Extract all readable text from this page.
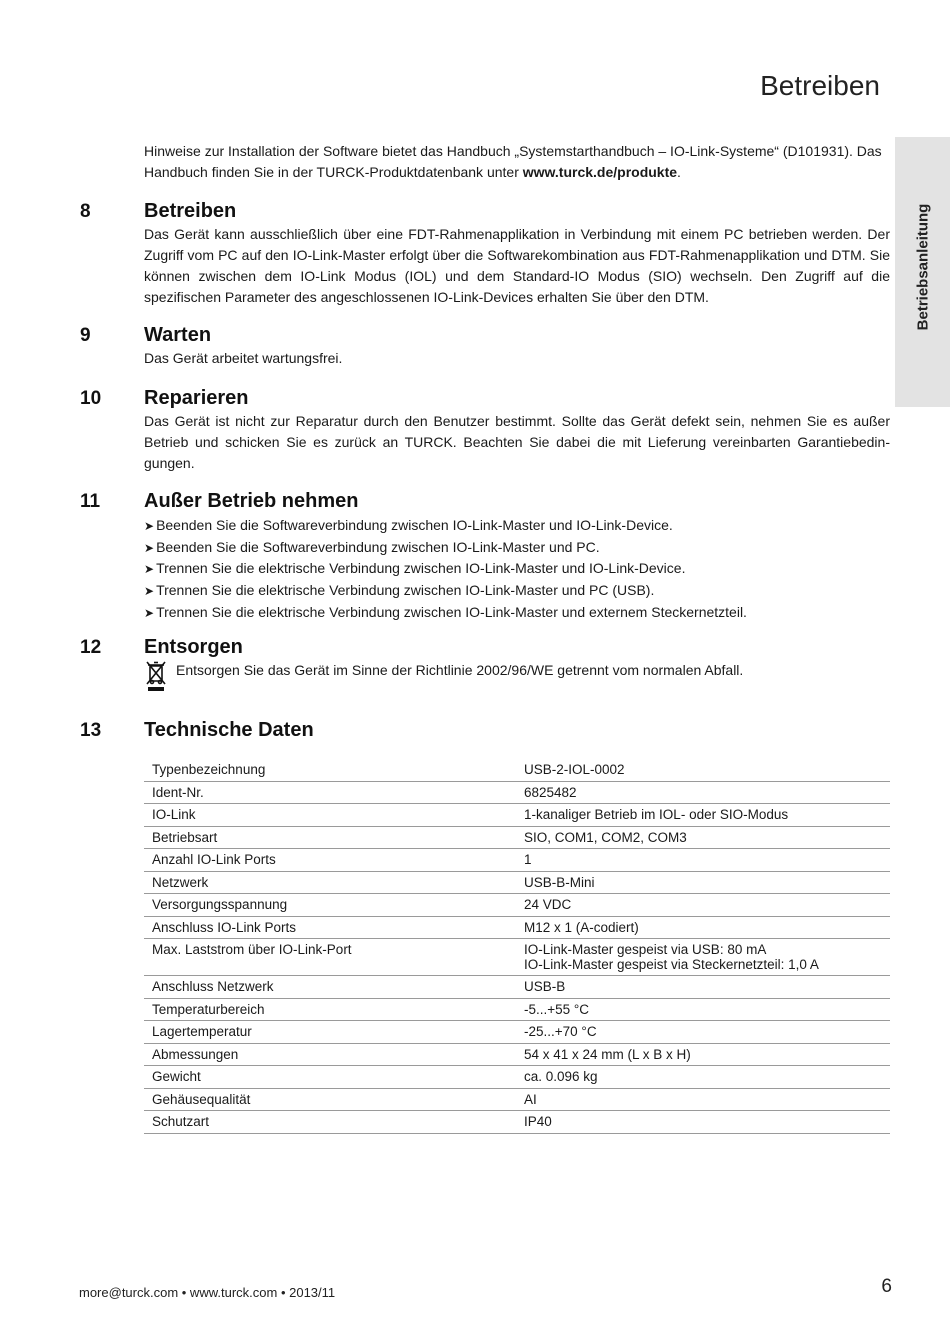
Betreiben
Betriebsanleitung
Hinweise zur Installation der Software bietet das Handbuch „Systemstarthandbuch – IO-Link-Systeme“ (D101931). Das Handbuch finden Sie in der TURCK-Produktdatenbank unter www.turck.de/produkte.
8	Betreiben
Das Gerät kann ausschließlich über eine FDT-Rahmenapplikation in Verbindung mit einem PC betrieben werden. Der Zugriff vom PC auf den IO-Link-Master erfolgt über die Softwarekombination aus FDT-Rahmenapplikation und DTM. Sie können zwischen dem IO-Link Modus (IOL) und dem Standard-IO Modus (SIO) wechseln. Den Zugriff auf die spezifischen Parameter des angeschlossenen IO-Link-Devices erhalten Sie über den DTM.
9	Warten
Das Gerät arbeitet wartungsfrei.
10 Reparieren
Das Gerät ist nicht zur Reparatur durch den Benutzer bestimmt. Sollte das Gerät defekt sein, nehmen Sie es außer Betrieb und schicken Sie es zurück an TURCK. Beachten Sie dabei die mit Lieferung vereinbarten Garantiebedin-gungen.
11 Außer Betrieb nehmen
➤ Beenden Sie die Softwareverbindung zwischen IO-Link-Master und IO-Link-Device.
➤ Beenden Sie die Softwareverbindung zwischen IO-Link-Master und PC.
➤ Trennen Sie die elektrische Verbindung zwischen IO-Link-Master und IO-Link-Device.
➤ Trennen Sie die elektrische Verbindung zwischen IO-Link-Master und PC (USB).
➤ Trennen Sie die elektrische Verbindung zwischen IO-Link-Master und externem Steckernetzteil.
12 Entsorgen
Entsorgen Sie das Gerät im Sinne der Richtlinie 2002/96/WE getrennt vom normalen Abfall.
13 Technische Daten
Typenbezeichnung	USB-2-IOL-0002
Ident-Nr.	6825482
IO-Link	1-kanaliger Betrieb im IOL- oder SIO-Modus
Betriebsart	SIO, COM1, COM2, COM3
Anzahl IO-Link Ports	1
Netzwerk	USB-B-Mini
Versorgungsspannung	24 VDC
Anschluss IO-Link Ports	M12 x 1 (A-codiert)
Max. Laststrom über IO-Link-Port	IO-Link-Master gespeist via USB: 80 mA
IO-Link-Master gespeist via Steckernetzteil: 1,0 A

Anschluss Netzwerk	USB-B
Temperaturbereich	-5...+55 °C
Lagertemperatur	-25...+70 °C
Abmessungen	54 x 41 x 24 mm (L x B x H)
Gewicht	ca. 0.096 kg
Gehäusequalität	AI
Schutzart	IP40
more@turck.com • www.turck.com • 2013/11	6
